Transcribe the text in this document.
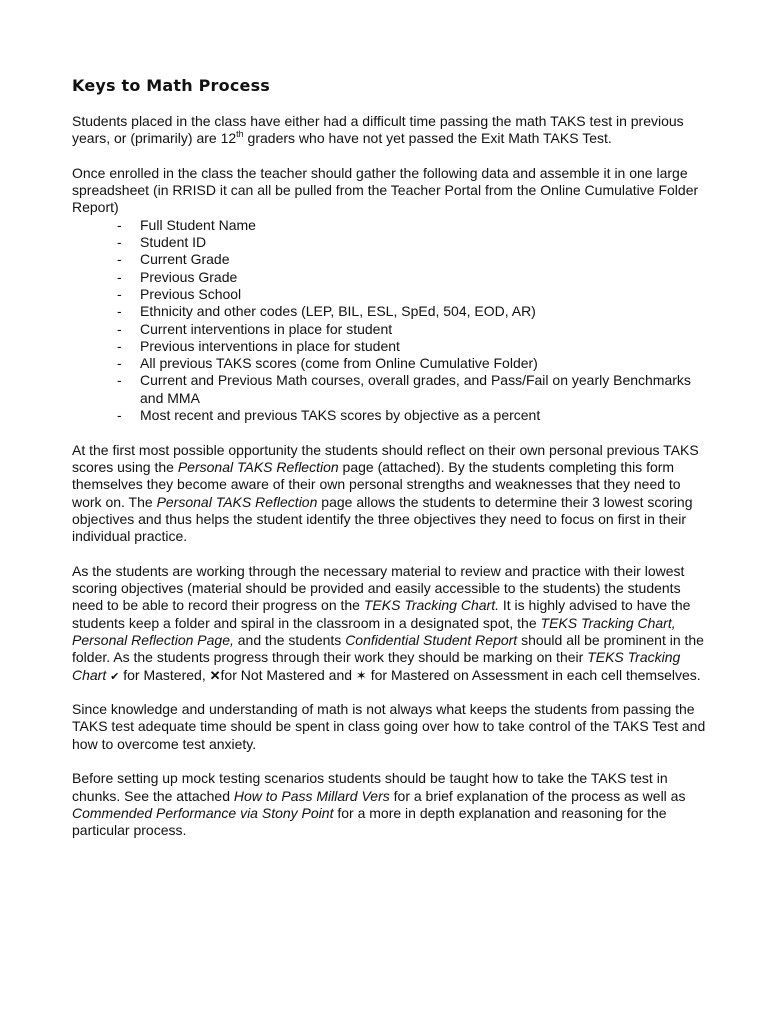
Keys to Math Process

Students placed in the class have either had a difficult time passing the math TAKS test in previous years, or (primarily) are 12th graders who have not yet passed the Exit Math TAKS Test.

Once enrolled in the class the teacher should gather the following data and assemble it in one large spreadsheet (in RRISD it can all be pulled from the Teacher Portal from the Online Cumulative Folder Report)

- Full Student Name
- Student ID
- Current Grade
- Previous Grade
- Previous School
- Ethnicity and other codes (LEP, BIL, ESL, SpEd, 504, EOD, AR)
- Current interventions in place for student
- Previous interventions in place for student
- All previous TAKS scores (come from Online Cumulative Folder)
- Current and Previous Math courses, overall grades, and Pass/Fail on yearly Benchmarks and MMA
- Most recent and previous TAKS scores by objective as a percent

At the first most possible opportunity the students should reflect on their own personal previous TAKS scores using the Personal TAKS Reflection page (attached). By the students completing this form themselves they become aware of their own personal strengths and weaknesses that they need to work on. The Personal TAKS Reflection page allows the students to determine their 3 lowest scoring objectives and thus helps the student identify the three objectives they need to focus on first in their individual practice.

As the students are working through the necessary material to review and practice with their lowest scoring objectives (material should be provided and easily accessible to the students) the students need to be able to record their progress on the TEKS Tracking Chart. It is highly advised to have the students keep a folder and spiral in the classroom in a designated spot, the TEKS Tracking Chart, Personal Reflection Page, and the students Confidential Student Report should all be prominent in the folder. As the students progress through their work they should be marking on their TEKS Tracking Chart ✔ for Mastered, ✕for Not Mastered and ✶ for Mastered on Assessment in each cell themselves.

Since knowledge and understanding of math is not always what keeps the students from passing the TAKS test adequate time should be spent in class going over how to take control of the TAKS Test and how to overcome test anxiety.

Before setting up mock testing scenarios students should be taught how to take the TAKS test in chunks. See the attached How to Pass Millard Vers for a brief explanation of the process as well as Commended Performance via Stony Point for a more in depth explanation and reasoning for the particular process.
